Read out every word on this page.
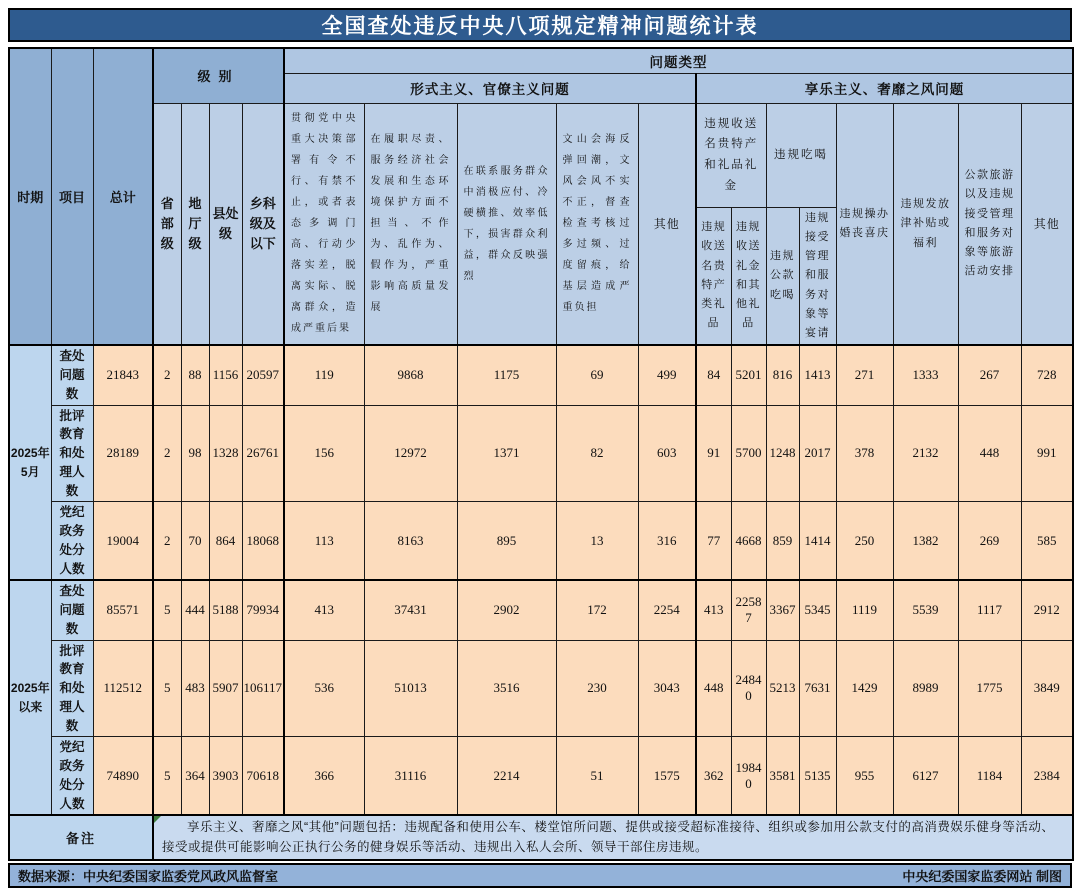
全国查处违反中央八项规定精神问题统计表
时期	项目	总计	级别				问题类型												
							形式主义、官僚主义问题					享乐主义、奢靡之风问题							
			省部级	地厅级	县处级	乡科级及以下	贯彻党中央重大决策部署有令不行、有禁不止，或者表态多调门高、行动少落实差，脱离实际、脱离群众，造成严重后果	在履职尽责、服务经济社会发展和生态环境保护方面不担当、不作为、乱作为、假作为，严重影响高质量发展	在联系服务群众中消极应付、冷硬横推、效率低下，损害群众利益，群众反映强烈	文山会海反弹回潮，文风会风不实不正，督查检查考核过多过频、过度留痕，给基层造成严重负担	其他	违规收送名贵特产和礼品礼金		违规吃喝		违规操办婚丧喜庆	违规发放津补贴或福利	公款旅游以及违规接受管理和服务对象等旅游活动安排	其他
												违规收送名贵特产类礼品	违规收送礼金和其他礼品	违规公款吃喝	违规接受管理和服务对象等宴请				
2025年5月	查处问题数	21843	2	88	1156	20597	119	9868	1175	69	499	84	5201	816	1413	271	1333	267	728
	批评教育和处理人数	28189	2	98	1328	26761	156	12972	1371	82	603	91	5700	1248	2017	378	2132	448	991
	党纪政务处分人数	19004	2	70	864	18068	113	8163	895	13	316	77	4668	859	1414	250	1382	269	585
2025年以来	查处问题数	85571	5	444	5188	79934	413	37431	2902	172	2254	413	22587	3367	5345	1119	5539	1117	2912
	批评教育和处理人数	112512	5	483	5907	106117	536	51013	3516	230	3043	448	24840	5213	7631	1429	8989	1775	3849
	党纪政务处分人数	74890	5	364	3903	70618	366	31116	2214	51	1575	362	19840	3581	5135	955	6127	1184	2384
备注			享乐主义、奢靡之风“其他”问题包括：违规配备和使用公车、楼堂馆所问题、提供或接受超标准接待、组织或参加用公款支付的高消费娱乐健身等活动、接受或提供可能影响公正执行公务的健身娱乐等活动、违规出入私人会所、领导干部住房违规。																
数据来源：中央纪委国家监委党风政风监督室	中央纪委国家监委网站 制图
